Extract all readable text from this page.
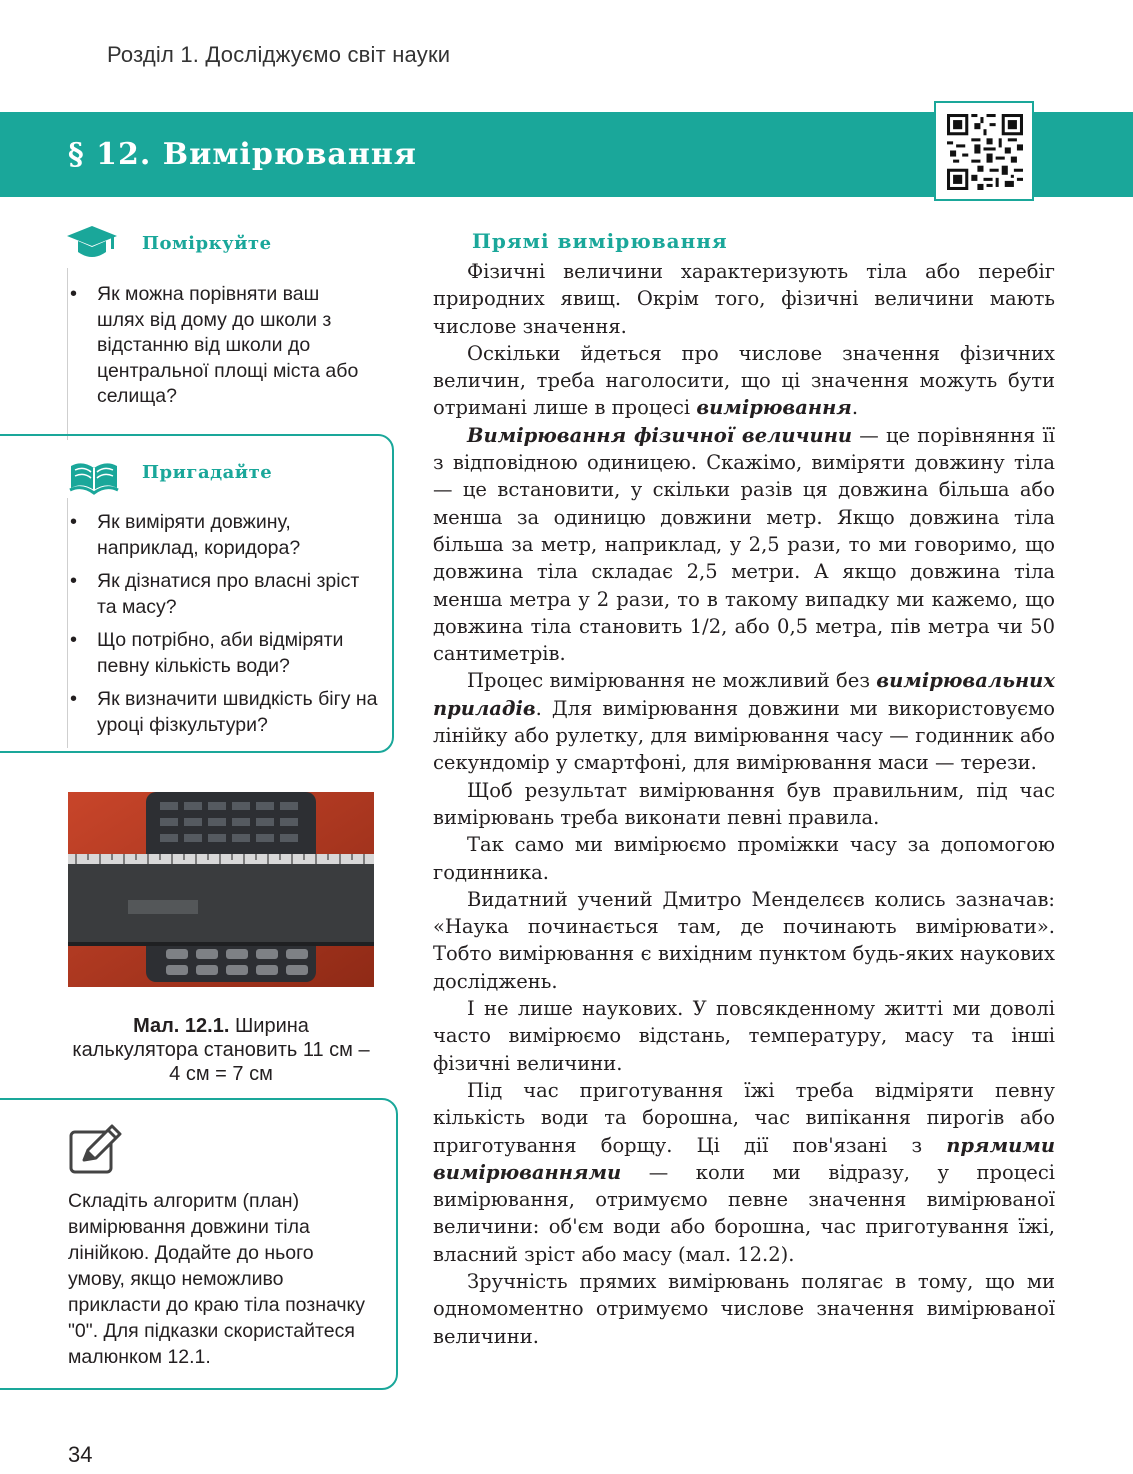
Розділ 1. Досліджуємо світ науки
§ 12. Вимірювання
Поміркуйте
• Як можна порівняти ваш шлях від дому до школи з відстанню від школи до центральної площі міста або селища?
Пригадайте
• Як виміряти довжину, наприклад, коридора?
• Як дізнатися про власні зріст та масу?
• Що потрібно, аби відміряти певну кількість води?
• Як визначити швидкість бігу на уроці фізкультури?
Мал. 12.1. Ширина калькулятора становить 11 см – 4 см = 7 см
Складіть алгоритм (план) вимірювання довжини тіла лінійкою. Додайте до нього умову, якщо неможливо прикласти до краю тіла позначку "0". Для підказки скористайтеся малюнком 12.1.
34
Прямі вимірювання

Фізичні величини характеризують тіла або перебіг природних явищ. Окрім того, фізичні величини мають числове значення.

Оскільки йдеться про числове значення фізичних величин, треба наголосити, що ці значення можуть бути отримані лише в процесі вимірювання.

Вимірювання фізичної величини — це порівняння її з відповідною одиницею. Скажімо, виміряти довжину тіла — це встановити, у скільки разів ця довжина більша або менша за одиницю довжини метр. Якщо довжина тіла більша за метр, наприклад, у 2,5 рази, то ми говоримо, що довжина тіла складає 2,5 метри. А якщо довжина тіла менша метра у 2 рази, то в такому випадку ми кажемо, що довжина тіла становить 1/2, або 0,5 метра, пів метра чи 50 сантиметрів.

Процес вимірювання не можливий без вимірювальних приладів. Для вимірювання довжини ми використовуємо лінійку або рулетку, для вимірювання часу — годинник або секундомір у смартфоні, для вимірювання маси — терези.

Щоб результат вимірювання був правильним, під час вимірювань треба виконати певні правила.

Так само ми вимірюємо проміжки часу за допомогою годинника.

Видатний учений Дмитро Менделєєв колись зазначав: «Наука починається там, де починають вимірювати». Тобто вимірювання є вихідним пунктом будь-яких наукових досліджень.

І не лише наукових. У повсякденному житті ми доволі часто вимірюємо відстань, температуру, масу та інші фізичні величини.

Під час приготування їжі треба відміряти певну кількість води та борошна, час випікання пирогів або приготування борщу. Ці дії пов'язані з прямими вимірюваннями — коли ми відразу, у процесі вимірювання, отримуємо певне значення вимірюваної величини: об'єм води або борошна, час приготування їжі, власний зріст або масу (мал. 12.2).

Зручність прямих вимірювань полягає в тому, що ми одномоментно отримуємо числове значення вимірюваної величини.
